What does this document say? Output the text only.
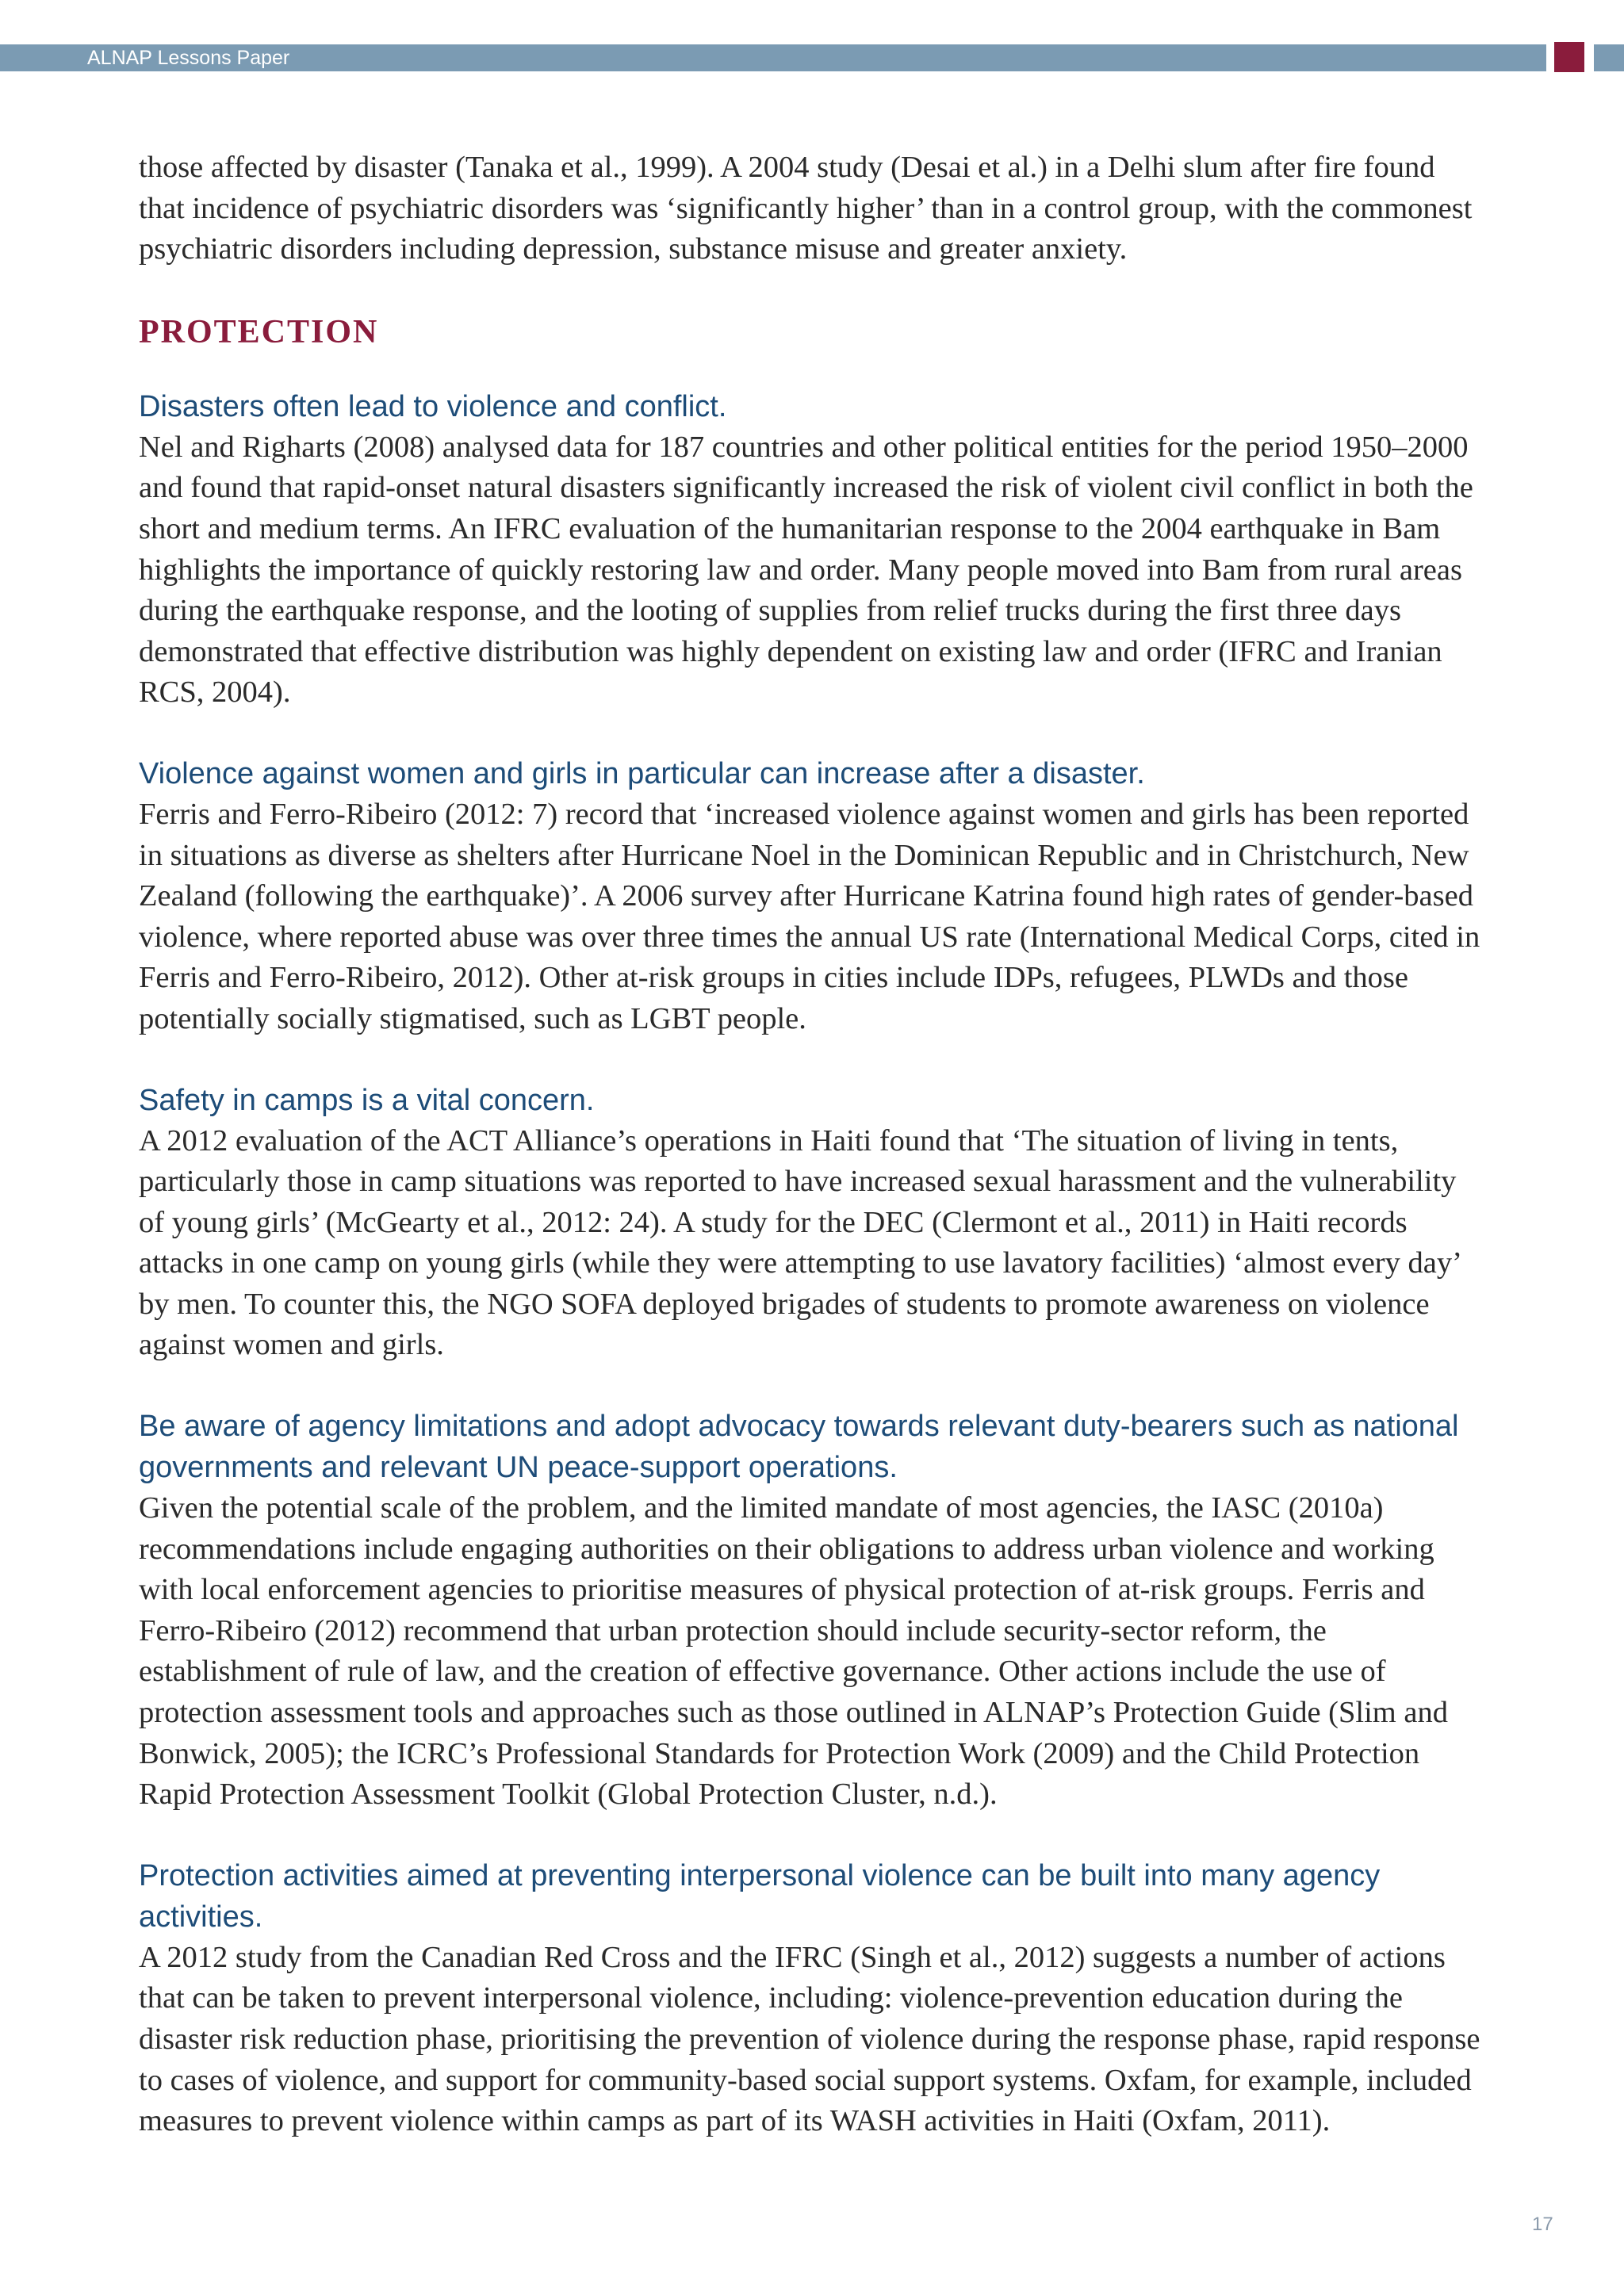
ALNAP Lessons Paper

those affected by disaster (Tanaka et al., 1999). A 2004 study (Desai et al.) in a Delhi slum after fire found that incidence of psychiatric disorders was ‘significantly higher’ than in a control group, with the commonest psychiatric disorders including depression, substance misuse and greater anxiety.

PROTECTION
Disasters often lead to violence and conflict.

Nel and Righarts (2008) analysed data for 187 countries and other political entities for the period 1950–2000 and found that rapid-onset natural disasters significantly increased the risk of violent civil conflict in both the short and medium terms. An IFRC evaluation of the humanitarian response to the 2004 earthquake in Bam highlights the importance of quickly restoring law and order. Many people moved into Bam from rural areas during the earthquake response, and the looting of supplies from relief trucks during the first three days demonstrated that effective distribution was highly dependent on existing law and order (IFRC and Iranian RCS, 2004).

Violence against women and girls in particular can increase after a disaster.

Ferris and Ferro-Ribeiro (2012: 7) record that ‘increased violence against women and girls has been reported in situations as diverse as shelters after Hurricane Noel in the Dominican Republic and in Christchurch, New Zealand (following the earthquake)’. A 2006 survey after Hurricane Katrina found high rates of gender-based violence, where reported abuse was over three times the annual US rate (International Medical Corps, cited in Ferris and Ferro-Ribeiro, 2012). Other at-risk groups in cities include IDPs, refugees, PLWDs and those potentially socially stigmatised, such as LGBT people.

Safety in camps is a vital concern.

A 2012 evaluation of the ACT Alliance’s operations in Haiti found that ‘The situation of living in tents, particularly those in camp situations was reported to have increased sexual harassment and the vulnerability of young girls’ (McGearty et al., 2012: 24). A study for the DEC (Clermont et al., 2011) in Haiti records attacks in one camp on young girls (while they were attempting to use lavatory facilities) ‘almost every day’ by men. To counter this, the NGO SOFA deployed brigades of students to promote awareness on violence against women and girls.

Be aware of agency limitations and adopt advocacy towards relevant duty-bearers such as national governments and relevant UN peace-support operations.

Given the potential scale of the problem, and the limited mandate of most agencies, the IASC (2010a) recommendations include engaging authorities on their obligations to address urban violence and working with local enforcement agencies to prioritise measures of physical protection of at-risk groups. Ferris and Ferro-Ribeiro (2012) recommend that urban protection should include security-sector reform, the establishment of rule of law, and the creation of effective governance. Other actions include the use of protection assessment tools and approaches such as those outlined in ALNAP’s Protection Guide (Slim and Bonwick, 2005); the ICRC’s Professional Standards for Protection Work (2009) and the Child Protection Rapid Protection Assessment Toolkit (Global Protection Cluster, n.d.).

Protection activities aimed at preventing interpersonal violence can be built into many agency activities.

A 2012 study from the Canadian Red Cross and the IFRC (Singh et al., 2012) suggests a number of actions that can be taken to prevent interpersonal violence, including: violence-prevention education during the disaster risk reduction phase, prioritising the prevention of violence during the response phase, rapid response to cases of violence, and support for community-based social support systems. Oxfam, for example, included measures to prevent violence within camps as part of its WASH activities in Haiti (Oxfam, 2011).

17
